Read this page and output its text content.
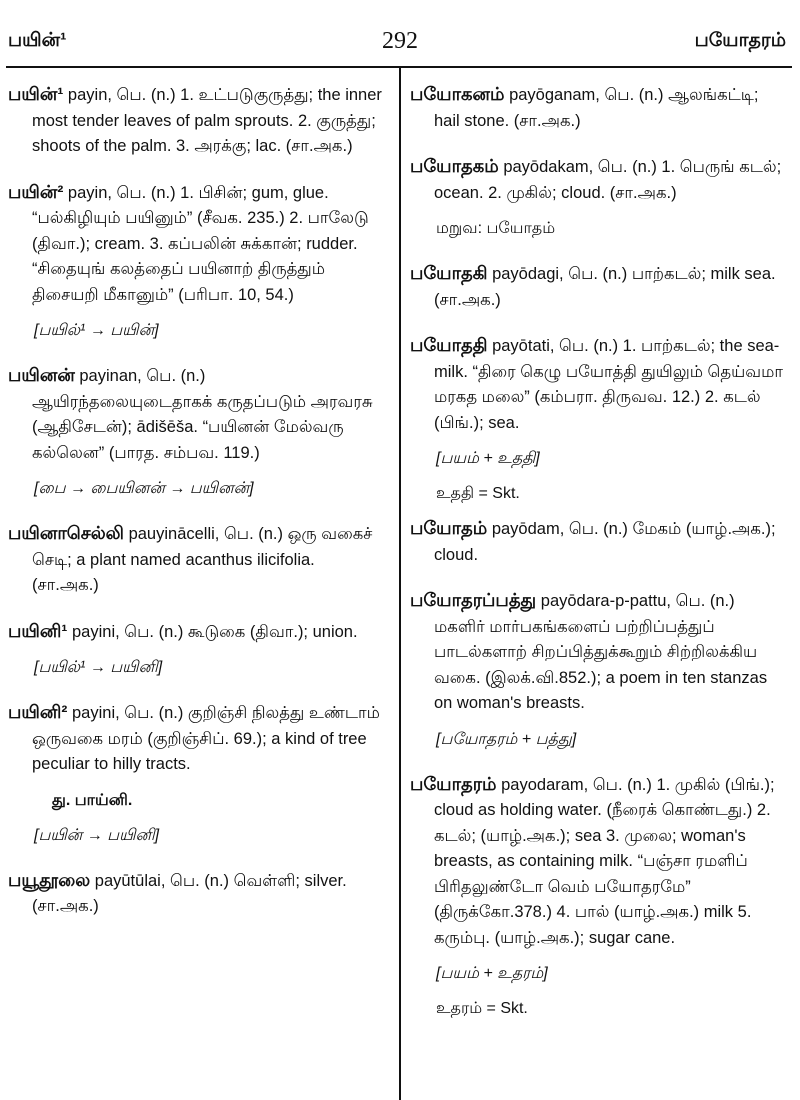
பயின்¹	292	பயோதரம்

பயின்¹ payin, பெ. (n.) 1. உட்படுகுருத்து; the inner most tender leaves of palm sprouts. 2. குருத்து; shoots of the palm. 3. அரக்கு; lac. (சா.அக.)

பயின்² payin, பெ. (n.) 1. பிசின்; gum, glue. “பல்கிழியும் பயினும்” (சீவக. 235.) 2. பாலேடு (திவா.); cream. 3. கப்பலின் சுக்கான்; rudder. “சிதையுங் கலத்தைப் பயினாற் திருத்தும் திசையறி மீகானும்” (பரிபா. 10, 54.)

[பயில்¹ → பயின்]

பயினன் payinan, பெ. (n.) ஆயிரந்தலையுடைதாகக் கருதப்படும் அரவரசு (ஆதிசேடன்); ādišēša. “பயினன் மேல்வரு கல்லென” (பாரத. சம்பவ. 119.)

[பை → பையினன் → பயினன்]

பயினாசெல்லி pauyinācelli, பெ. (n.) ஒரு வகைச் செடி; a plant named acanthus ilicifolia. (சா.அக.)

பயினி¹ payini, பெ. (n.) கூடுகை (திவா.); union.

[பயில்¹ → பயினி]

பயினி² payini, பெ. (n.) குறிஞ்சி நிலத்து உண்டாம் ஒருவகை மரம் (குறிஞ்சிப். 69.); a kind of tree peculiar to hilly tracts.

து. பாய்னி.
[பயின் → பயினி]

பயூதூலை payūtūlai, பெ. (n.) வெள்ளி; silver. (சா.அக.)

பயோகனம் payōganam, பெ. (n.) ஆலங்கட்டி; hail stone. (சா.அக.)

பயோதகம் payōdakam, பெ. (n.) 1. பெருங் கடல்; ocean. 2. முகில்; cloud. (சா.அக.)

மறுவ: பயோதம்

பயோதகி payōdagi, பெ. (n.) பாற்கடல்; milk sea. (சா.அக.)

பயோததி payōtati, பெ. (n.) 1. பாற்கடல்; the sea-milk. “திரை கெழு பயோத்தி துயிலும் தெய்வமா மரகத மலை” (கம்பரா. திருவவ. 12.) 2. கடல் (பிங்.); sea.

[பயம் + உததி]
உததி = Skt.

பயோதம் payōdam, பெ. (n.) மேகம் (யாழ்.அக.); cloud.

பயோதரப்பத்து payōdara-p-pattu, பெ. (n.) மகளிர் மார்பகங்களைப் பற்றிப்பத்துப் பாடல்களாற் சிறப்பித்துக்கூறும் சிற்றிலக்கிய வகை. (இலக்.வி.852.); a poem in ten stanzas on woman's breasts.

[பயோதரம் + பத்து]

பயோதரம் payodaram, பெ. (n.) 1. முகில் (பிங்.); cloud as holding water. (நீரைக் கொண்டது.) 2. கடல்; (யாழ்.அக.); sea 3. முலை; woman's breasts, as containing milk. “பஞ்சா ரமளிப் பிரிதலுண்டோ வெம் பயோதரமே” (திருக்கோ.378.) 4. பால் (யாழ்.அக.) milk 5. கரும்பு. (யாழ்.அக.); sugar cane.

[பயம் + உதரம்]
உதரம் = Skt.
